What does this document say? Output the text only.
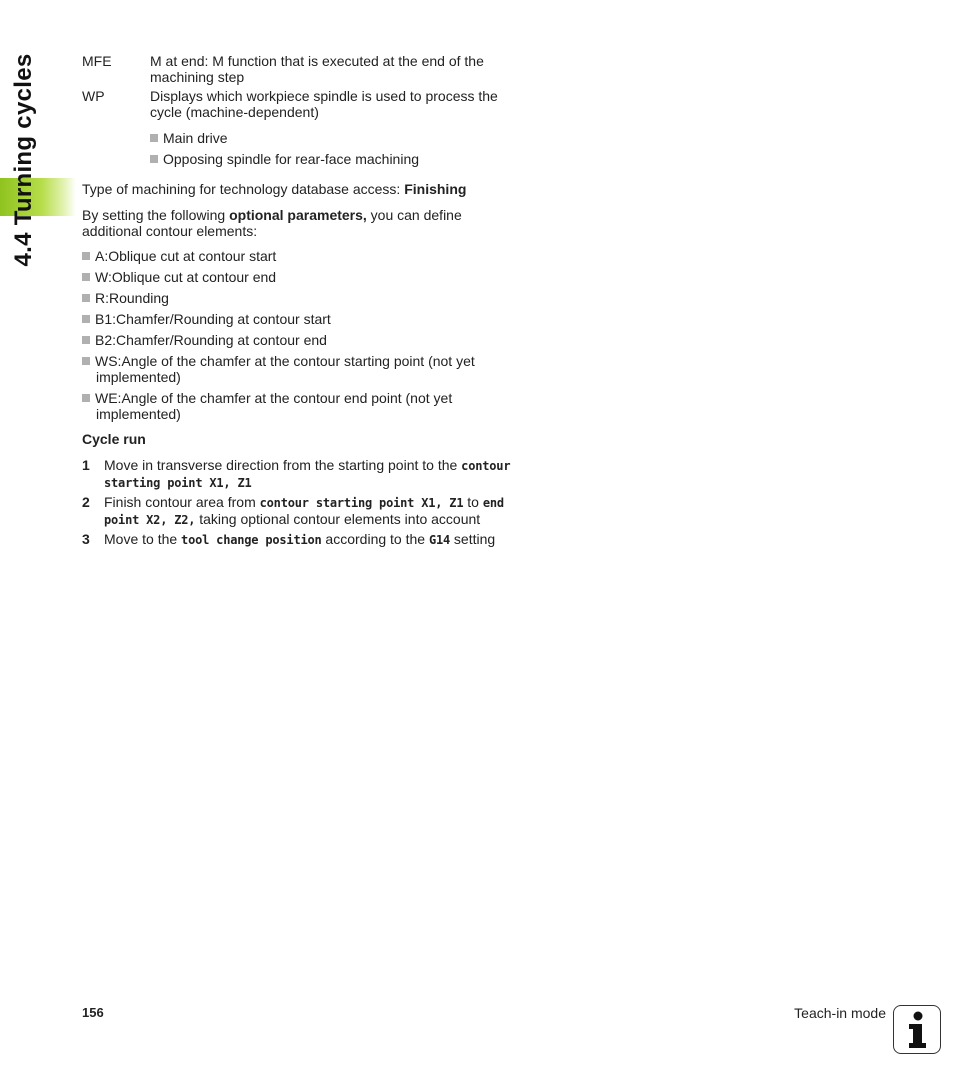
4.4 Turning cycles	MFE	M at end: M function that is executed at the end of the machining step
WP	Displays which workpiece spindle is used to process the cycle (machine-dependent)
Main drive
Opposing spindle for rear-face machining
Type of machining for technology database access: Finishing
By setting the following optional parameters, you can define additional contour elements:
A:Oblique cut at contour start
W:Oblique cut at contour end
R:Rounding
B1:Chamfer/Rounding at contour start
B2:Chamfer/Rounding at contour end
WS:Angle of the chamfer at the contour starting point (not yet implemented)
WE:Angle of the chamfer at the contour end point (not yet implemented)
Cycle run
1 Move in transverse direction from the starting point to the contour starting point X1, Z1
2 Finish contour area from contour starting point X1, Z1 to end point X2, Z2, taking optional contour elements into account
3 Move to the tool change position according to the G14 setting
156	Teach-in mode
